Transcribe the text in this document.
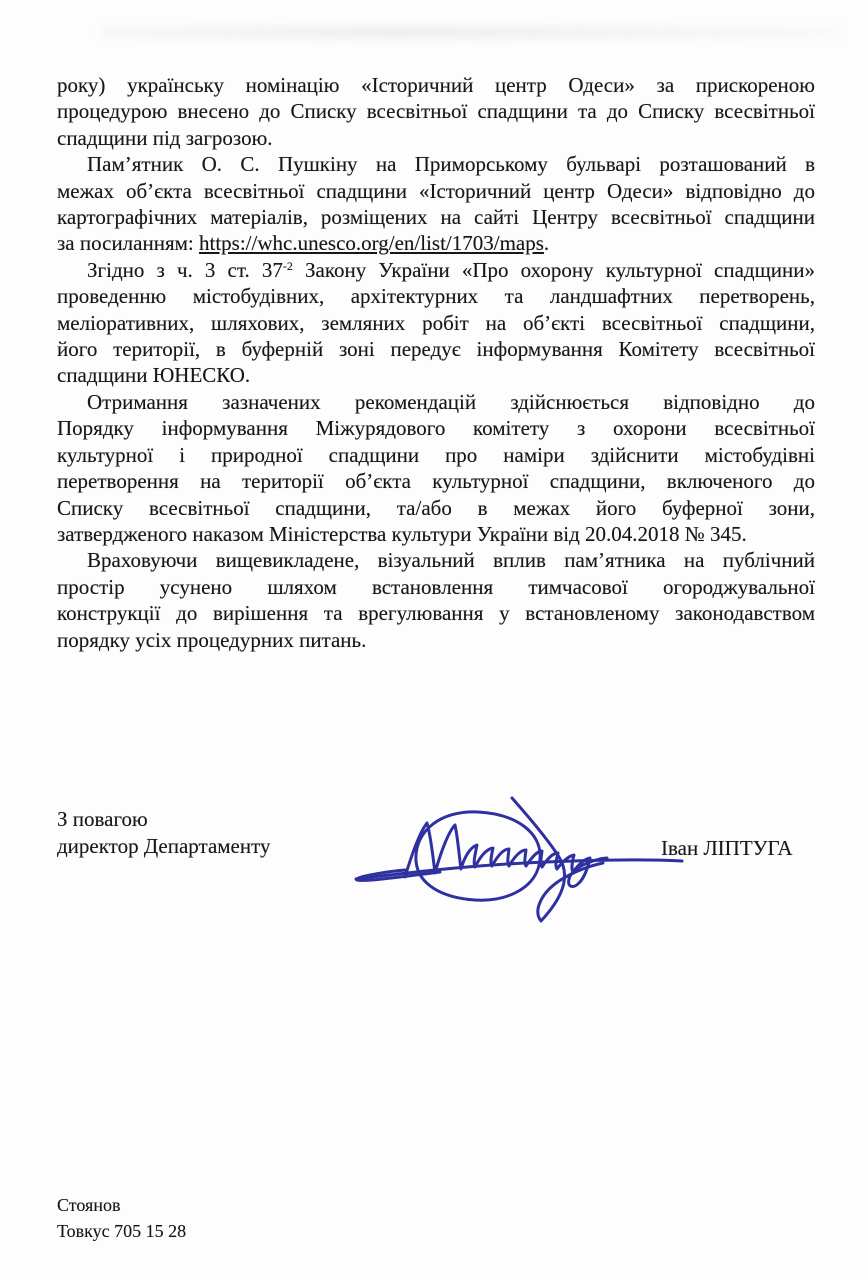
року) українську номінацію «Історичний центр Одеси» за прискореною
процедурою внесено до Списку всесвітньої спадщини та до Списку всесвітньої
спадщини під загрозою.
Пам’ятник О. С. Пушкіну на Приморському бульварі розташований в
межах об’єкта всесвітньої спадщини «Історичний центр Одеси» відповідно до
картографічних матеріалів, розміщених на сайті Центру всесвітньої спадщини
за посиланням: https://whc.unesco.org/en/list/1703/maps.
Згідно з ч. 3 ст. $37^{-2}$ Закону України «Про охорону культурної спадщини»
проведенню містобудівних, архітектурних та ландшафтних перетворень,
меліоративних, шляхових, земляних робіт на об’єкті всесвітньої спадщини,
його території, в буферній зоні передує інформування Комітету всесвітньої
спадщини ЮНЕСКО.
Отримання зазначених рекомендацій здійснюється відповідно до
Порядку інформування Міжурядового комітету з охорони всесвітньої
культурної і природної спадщини про наміри здійснити містобудівні
перетворення на території об’єкта культурної спадщини, включеного до
Списку всесвітньої спадщини, та/або в межах його буферної зони,
затвердженого наказом Міністерства культури України від 20.04.2018 № 345.
Враховуючи вищевикладене, візуальний вплив пам’ятника на публічний
простір усунено шляхом встановлення тимчасової огороджувальної
конструкції до вирішення та врегулювання у встановленому законодавством
порядку усіх процедурних питань.
З повагою
директор Департаменту	Іван ЛІПТУГА
Стоянов
Товкус 705 15 28
